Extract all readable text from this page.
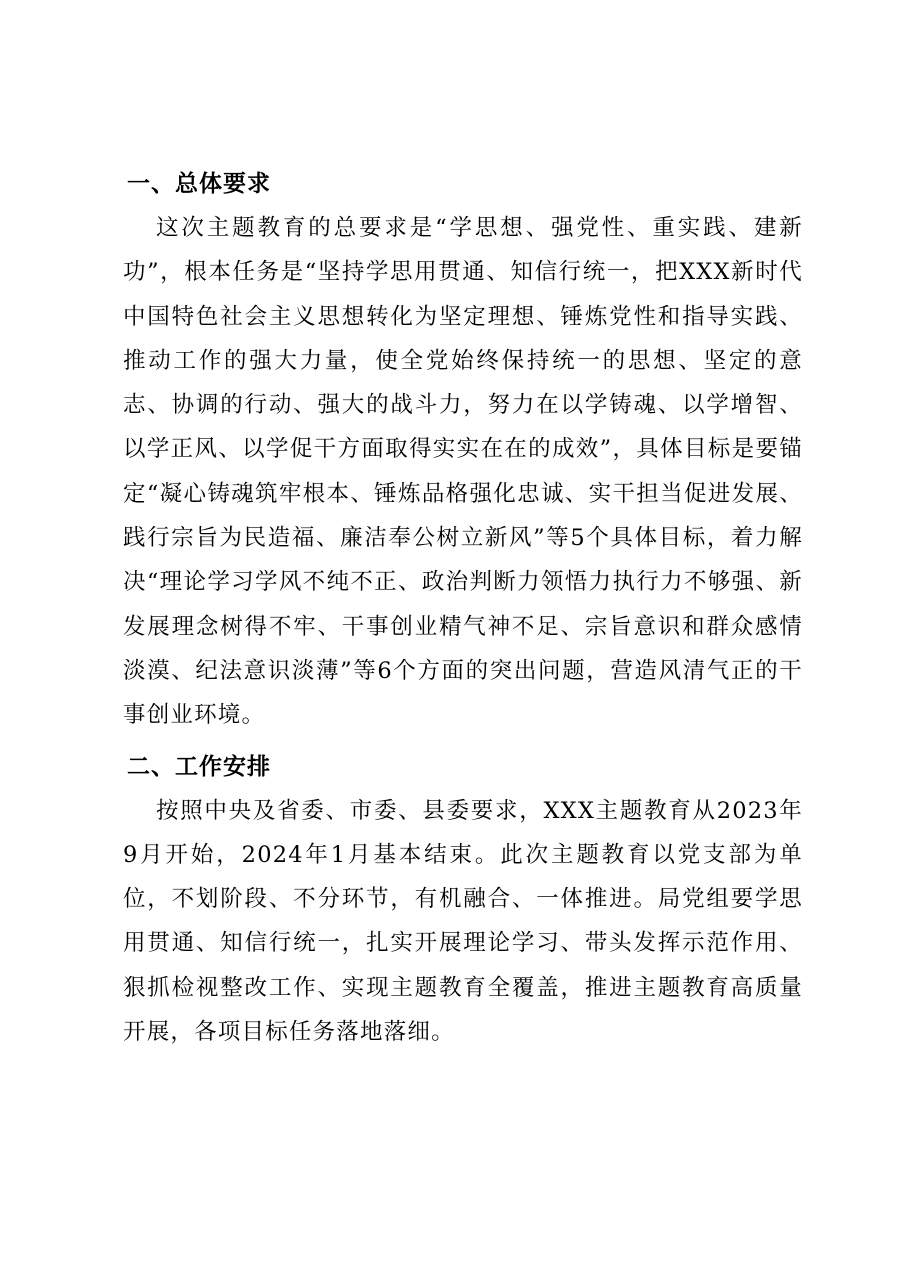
一、总体要求

这次主题教育的总要求是“学思想、强党性、重实践、建新功”，根本任务是“坚持学思用贯通、知信行统一，把XXX新时代中国特色社会主义思想转化为坚定理想、锤炼党性和指导实践、推动工作的强大力量，使全党始终保持统一的思想、坚定的意志、协调的行动、强大的战斗力，努力在以学铸魂、以学增智、以学正风、以学促干方面取得实实在在的成效”，具体目标是要锚定“凝心铸魂筑牢根本、锤炼品格强化忠诚、实干担当促进发展、践行宗旨为民造福、廉洁奉公树立新风”等5个具体目标，着力解决“理论学习学风不纯不正、政治判断力领悟力执行力不够强、新发展理念树得不牢、干事创业精气神不足、宗旨意识和群众感情淡漠、纪法意识淡薄”等6个方面的突出问题，营造风清气正的干事创业环境。

二、工作安排

按照中央及省委、市委、县委要求，XXX主题教育从2023年9月开始，2024年1月基本结束。此次主题教育以党支部为单位，不划阶段、不分环节，有机融合、一体推进。局党组要学思用贯通、知信行统一，扎实开展理论学习、带头发挥示范作用、狠抓检视整改工作、实现主题教育全覆盖，推进主题教育高质量开展，各项目标任务落地落细。
